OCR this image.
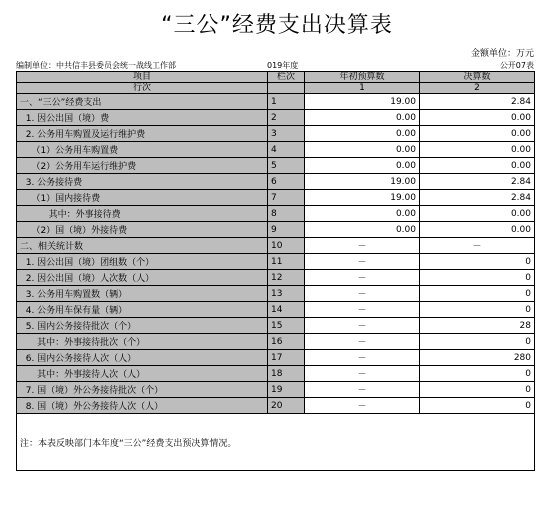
“三公”经费支出决算表
金额单位：万元
编制单位：中共信丰县委员会统一战线工作部	019年度	公开07表
项目	栏次	年初预算数	决算数
行次		1	2
一、“三公”经费支出	1	19.00	2.84
1. 因公出国（境）费	2	0.00	0.00
2. 公务用车购置及运行维护费	3	0.00	0.00
（1）公务用车购置费	4	0.00	0.00
（2）公务用车运行维护费	5	0.00	0.00
3. 公务接待费	6	19.00	2.84
（1）国内接待费	7	19.00	2.84
其中：外事接待费	8	0.00	0.00
（2）国（境）外接待费	9	0.00	0.00
二、相关统计数	10	－	－
1. 因公出国（境）团组数（个）	11	－	0
2. 因公出国（境）人次数（人）	12	－	0
3. 公务用车购置数（辆）	13	－	0
4. 公务用车保有量（辆）	14	－	0
5. 国内公务接待批次（个）	15	－	28
其中：外事接待批次（个）	16	－	0
6. 国内公务接待人次（人）	17	－	280
其中：外事接待人次（人）	18	－	0
7. 国（境）外公务接待批次（个）	19	－	0
8. 国（境）外公务接待人次（人）	20	－	0
注：本表反映部门本年度“三公”经费支出预决算情况。			
